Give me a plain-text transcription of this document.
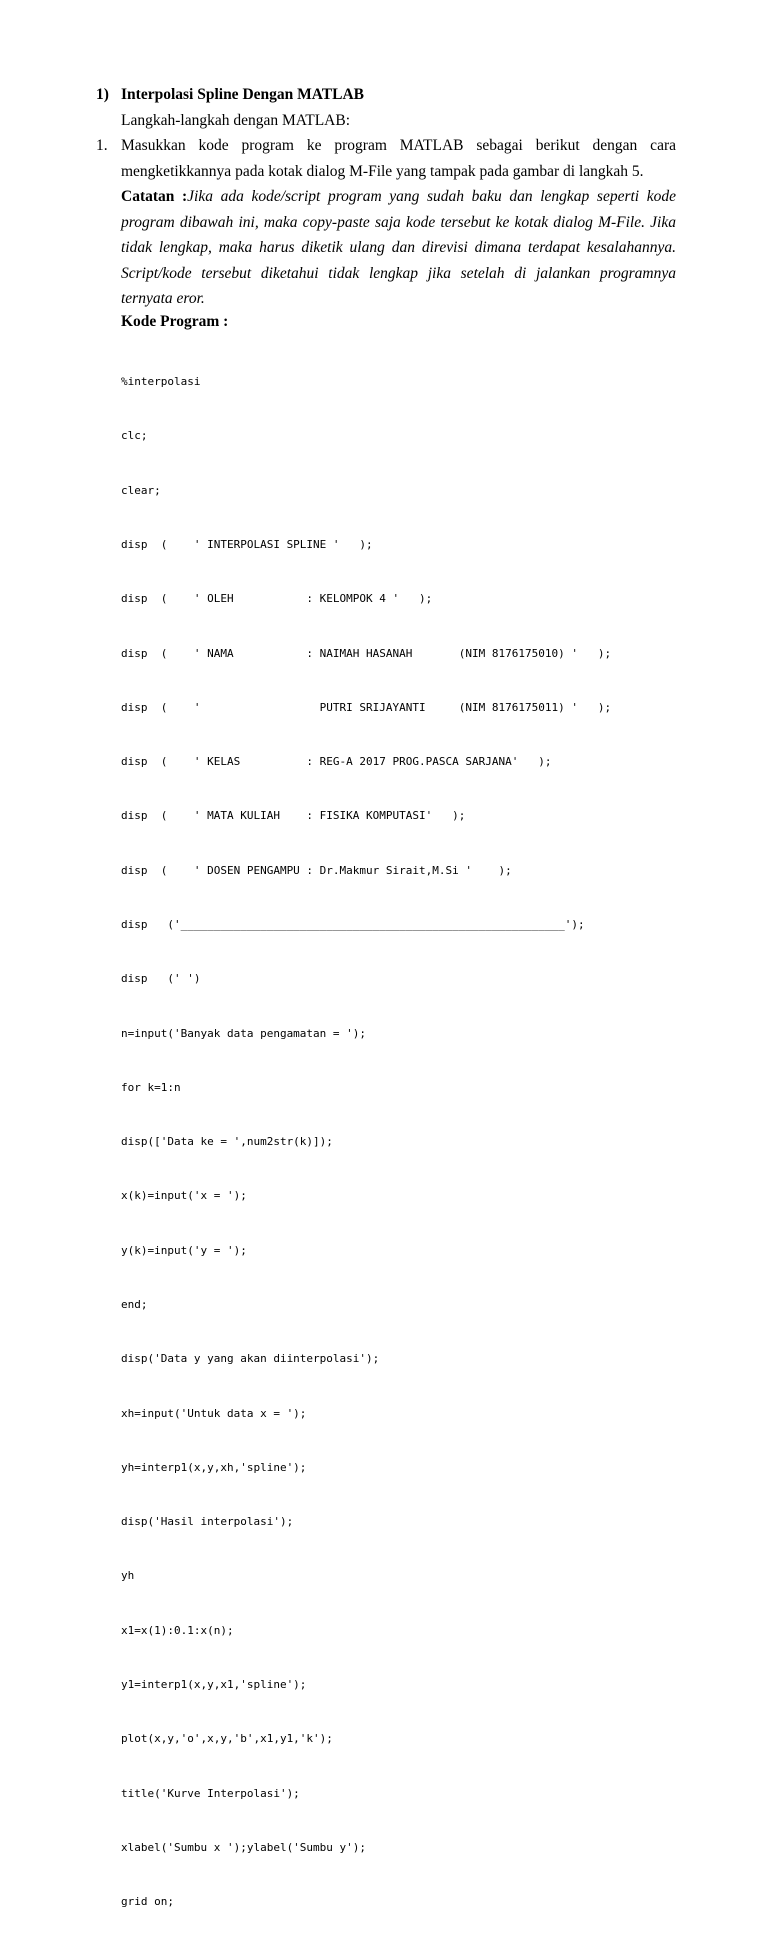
1) Interpolasi Spline Dengan MATLAB
Langkah-langkah dengan MATLAB:
1. Masukkan kode program ke program MATLAB sebagai berikut dengan cara mengketikkannya pada kotak dialog M-File yang tampak pada gambar di langkah 5.
Catatan :Jika ada kode/script program yang sudah baku dan lengkap seperti kode program dibawah ini, maka copy-paste saja kode tersebut ke kotak dialog M-File. Jika tidak lengkap, maka harus diketik ulang dan direvisi dimana terdapat kesalahannya. Script/kode tersebut diketahui tidak lengkap jika setelah di jalankan programnya ternyata eror.
Kode Program :

%interpolasi

clc;

clear;

disp  (    ' INTERPOLASI SPLINE '   );

disp  (    ' OLEH           : KELOMPOK 4 '   );

disp  (    ' NAMA           : NAIMAH HASANAH       (NIM 8176175010) '   );

disp  (    '                  PUTRI SRIJAYANTI     (NIM 8176175011) '   );

disp  (    ' KELAS          : REG-A 2017 PROG.PASCA SARJANA'   );

disp  (    ' MATA KULIAH    : FISIKA KOMPUTASI'   );

disp  (    ' DOSEN PENGAMPU : Dr.Makmur Sirait,M.Si '    );

disp   ('__________________________________________________________');

disp   (' ')

n=input('Banyak data pengamatan = ');

for k=1:n

disp(['Data ke = ',num2str(k)]);

x(k)=input('x = ');

y(k)=input('y = ');

end;

disp('Data y yang akan diinterpolasi');

xh=input('Untuk data x = ');

yh=interp1(x,y,xh,'spline');

disp('Hasil interpolasi');

yh

x1=x(1):0.1:x(n);

y1=interp1(x,y,x1,'spline');

plot(x,y,'o',x,y,'b',x1,y1,'k');

title('Kurve Interpolasi');

xlabel('Sumbu x ');ylabel('Sumbu y');

grid on;
